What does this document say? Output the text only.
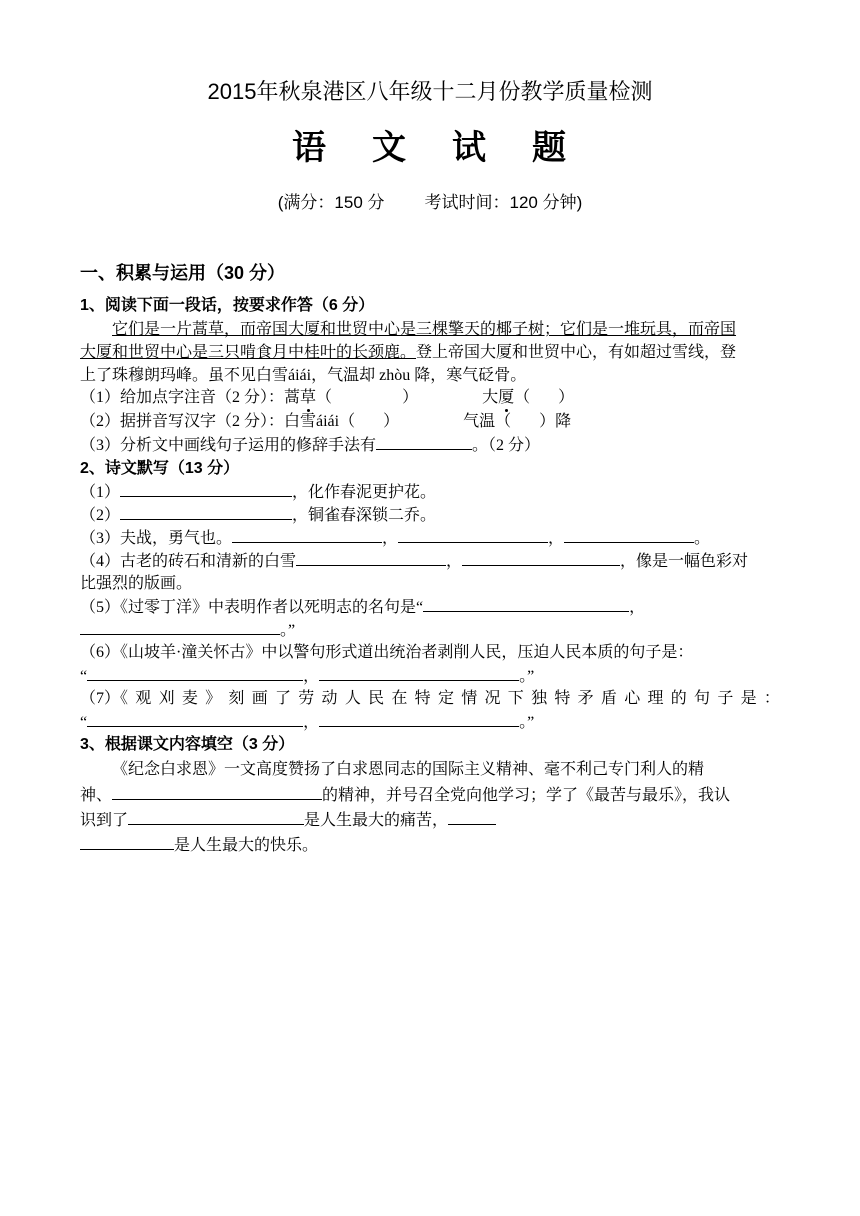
2015年秋泉港区八年级十二月份教学质量检测
语 文 试 题
(满分：150 分 考试时间：120 分钟)
一、积累与运用（30 分）
1、阅读下面一段话，按要求作答（6 分）
它们是一片蒿草，而帝国大厦和世贸中心是三棵擎天的椰子树；它们是一堆玩具，而帝国
大厦和世贸中心是三只啃食月中桂叶的长颈鹿。登上帝国大厦和世贸中心，有如超过雪线，登
上了珠穆朗玛峰。虽不见白雪áiái，气温却 zhòu 降，寒气砭骨。
（1）给加点字注音（2 分）：蒿草（	）	大厦（ ）
（2）据拼音写汉字（2 分）：白雪áiái（ ）	气温（ ）降
（3）分析文中画线句子运用的修辞手法有	。（2 分）
2、诗文默写（13 分）
（1）	，化作春泥更护花。
（2）	，铜雀春深锁二乔。
（3）夫战，勇气也。	，	，	。
（4）古老的砖石和清新的白雪	，	，像是一幅色彩对
比强烈的版画。
（5）《过零丁洋》中表明作者以死明志的名句是“	，
。”
（6）《山坡羊·潼关怀古》中以警句形式道出统治者剥削人民，压迫人民本质的句子是：
“	，	。”
（7）《 观 刈 麦 》 刻 画 了 劳 动 人 民 在 特 定 情 况 下 独 特 矛 盾 心 理 的 句 子 是 ：
“	，	。”
3、根据课文内容填空（3 分）
《纪念白求恩》一文高度赞扬了白求恩同志的国际主义精神、毫不利己专门利人的精
神、	的精神，并号召全党向他学习；学了《最苦与最乐》，我认
识到了	是人生最大的痛苦，
是人生最大的快乐。
